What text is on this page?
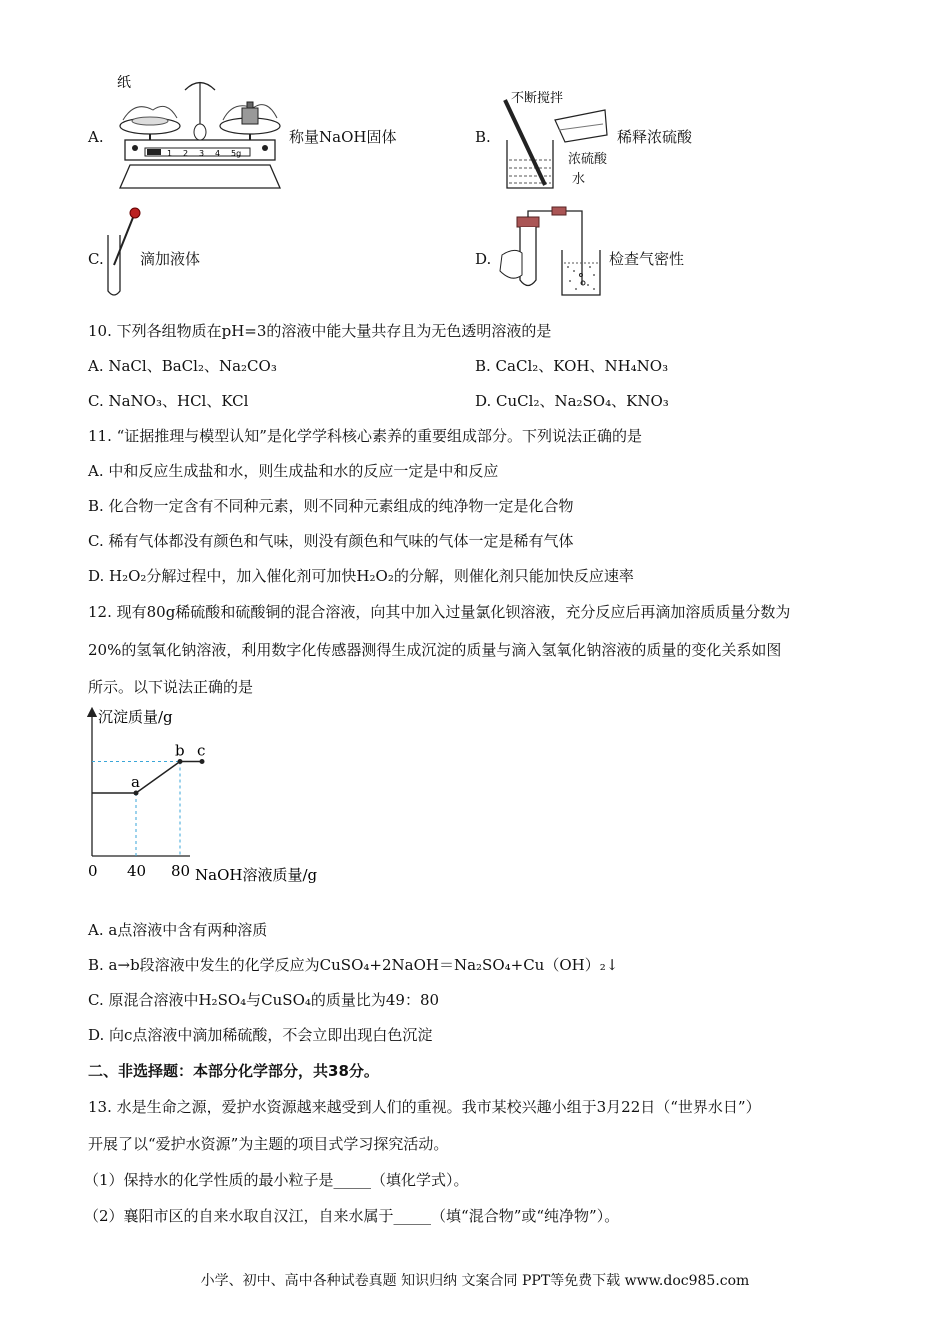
A.
纸
1 2 3 4 5g
称量NaOH固体	B.
不断搅拌
稀释浓硫酸
浓硫酸
水
C. 滴加液体	D.	检查气密性
10. 下列各组物质在pH=3的溶液中能大量共存且为无色透明溶液的是
A. NaCl、BaCl₂、Na₂CO₃	B. CaCl₂、KOH、NH₄NO₃
C. NaNO₃、HCl、KCl	D. CuCl₂、Na₂SO₄、KNO₃
11. “证据推理与模型认知”是化学学科核心素养的重要组成部分。下列说法正确的是
A. 中和反应生成盐和水，则生成盐和水的反应一定是中和反应
B. 化合物一定含有不同种元素，则不同种元素组成的纯净物一定是化合物
C. 稀有气体都没有颜色和气味，则没有颜色和气味的气体一定是稀有气体
D. H₂O₂分解过程中，加入催化剂可加快H₂O₂的分解，则催化剂只能加快反应速率
12. 现有80g稀硫酸和硫酸铜的混合溶液，向其中加入过量氯化钡溶液，充分反应后再滴加溶质质量分数为
20%的氢氧化钠溶液，利用数字化传感器测得生成沉淀的质量与滴入氢氧化钠溶液的质量的变化关系如图
所示。以下说法正确的是
沉淀质量/g
NaOH溶液质量/g
0 40 80
a
b c
A. a点溶液中含有两种溶质
B. a→b段溶液中发生的化学反应为CuSO₄+2NaOH＝Na₂SO₄+Cu（OH）₂↓
C. 原混合溶液中H₂SO₄与CuSO₄的质量比为49：80
D. 向c点溶液中滴加稀硫酸，不会立即出现白色沉淀
二、非选择题：本部分化学部分，共38分。
13. 水是生命之源，爱护水资源越来越受到人们的重视。我市某校兴趣小组于3月22日（“世界水日”）
开展了以“爱护水资源”为主题的项目式学习探究活动。
（1）保持水的化学性质的最小粒子是_____（填化学式）。
（2）襄阳市区的自来水取自汉江，自来水属于_____（填“混合物”或“纯净物”）。
小学、初中、高中各种试卷真题 知识归纳 文案合同 PPT等免费下载 www.doc985.com
